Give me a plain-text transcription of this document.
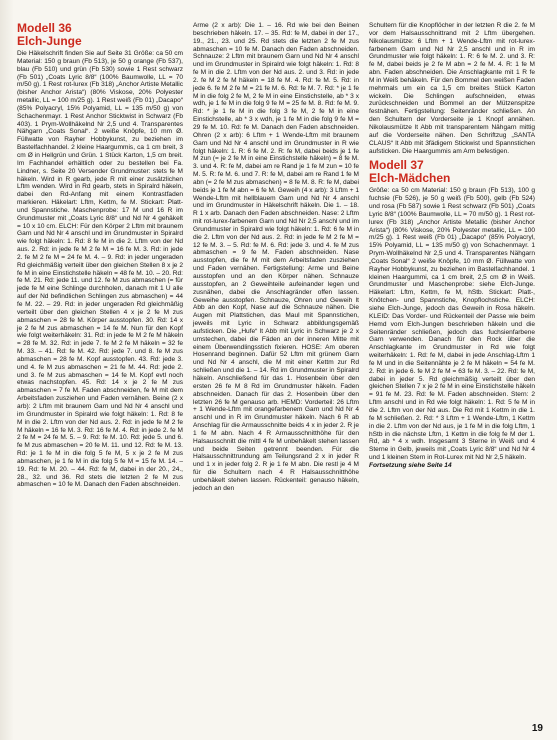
Modell 36
Elch-Junge

Die Häkelschrift finden Sie auf Seite 31 Größe: ca 50 cm Material: 150 g braun (Fb 513), je 50 g orange (Fb 537), blau (Fb 510) und grün (Fb 530) sowie 1 Rest schwarz (Fb 501) „Coats Lyric 8/8“ (100% Baumwolle, LL = 70 m/50 g). 1 Rest rot-lurex (Fb 318) „Anchor Artiste Metallic (bisher Anchor Arista“) (80% Viskose, 20% Polyester metallic, LL = 100 m/25 g). 1 Rest weiß (Fb 01) „Dacapo“ (85% Polyacryl, 15% Polyamid, LL = 135 m/50 g) von Schachenmayr. 1 Rest Anchor Sticktwist in Schwarz (Fb 403). 1 Prym-Wollhäkelnd Nr 2,5 und 4. Transparentes Nähgarn „Coats Sonal“. 2 weiße Knöpfe, 10 mm Ø. Füllwatte von Rayher Hobbykunst, zu beziehen im Bastelfachhandel. 2 kleine Haargummis, ca 1 cm breit, 3 cm Ø in Hellgrün und Grün. 1 Stück Karton, 1,5 cm breit. Im Fachhandel erhältlich oder zu bestellen bei Fa. Lindner, s. Seite 20 Versender Grundmuster: stets fe M häkeln. Wird in R gearb, jede R mit einer zusätzlichen Lftm wenden. Wird in Rd gearb, stets in Spiralrd häkeln, dabei den Rd-Anfang mit einem Kontrastfaden markieren. Häkelart: Lftm, Kettm, fe M. Stickart: Platt- und Spannstiche. Maschenprobe: 17 M und 16 R im Grundmuster mit „Coats Lyric 8/8“ und Nd Nr 4 gehäkelt = 10 x 10 cm. ELCH: Für den Körper 2 Lftm mit braunem Garn und Nd Nr 4 anschl und im Grundmuster in Spiralrd wie folgt häkeln: 1. Rd: 8 fe M in die 2. Lftm von der Nd aus. 2. Rd: in jede fe M 2 fe M = 16 fe M. 3. Rd: in jede 2. fe M 2 fe M = 24 fe M. 4. – 9. Rd: in jeder ungeraden Rd gleichmäßig verteilt über den gleichen Stellen 8 x je 2 fe M in eine Einstichstelle häkeln = 48 fe M. 10. – 20. Rd: fe M. 21. Rd: jede 11. und 12. fe M zus abmaschen (= für jede fe M eine Schlinge durchholen, danach mit 1 U alle auf der Nd befindlichen Schlingen zus abmaschen) = 44 fe M. 22. – 29. Rd: in jeder ungeraden Rd gleichmäßig verteilt über den gleichen Stellen 4 x je 2 fe M zus abmaschen = 28 fe M. Körper ausstopfen. 30. Rd: 14 x je 2 fe M zus abmaschen = 14 fe M. Nun für den Kopf wie folgt weiterhäkeln: 31. Rd: in jede fe M 2 fe M häkeln = 28 fe M. 32. Rd: in jede 7. fe M 2 fe M häkeln = 32 fe M. 33. – 41. Rd: fe M. 42. Rd: jede 7. und 8. fe M zus abmaschen = 28 fe M. Kopf ausstopfen. 43. Rd: jede 3. und 4. fe M zus abmaschen = 21 fe M. 44. Rd: jede 2. und 3. fe M zus abmaschen = 14 fe M. Kopf evtl noch etwas nachstopfen. 45. Rd: 14 x je 2 fe M zus abmaschen = 7 fe M. Faden abschneiden, fe M mit dem Arbeitsfaden zusziehen und Faden vernähen. Beine (2 x arb): 2 Lftm mit braunem Garn und Nd Nr 4 anschl und im Grundmuster in Spiralrd wie folgt häkeln: 1. Rd: 8 fe M in die 2. Lftm von der Nd aus. 2. Rd: in jede fe M 2 fe M häkeln = 16 fe M. 3. Rd: 16 fe M. 4. Rd: in jede 2. fe M 2 fe M = 24 fe M. 5. – 9. Rd: fe M. 10. Rd: jede 5. und 6. fe M zus abmaschen = 20 fe M. 11. und 12. Rd: fe M. 13. Rd: je 1 fe M in die folg 5 fe M, 5 x je 2 fe M zus abmaschen, je 1 fe M in die folg 5 fe M = 15 fe M. 14. – 19. Rd: fe M. 20. – 44. Rd: fe M, dabei in der 20., 24., 28., 32. und 36. Rd stets die letzten 2 fe M zus abmaschen = 10 fe M. Danach den Faden abschneiden.

Arme (2 x arb): Die 1. – 16. Rd wie bei den Beinen beschrieben häkeln. 17. – 35. Rd: fe M, dabei in der 17., 19., 21., 23. und 25. Rd stets die letzten 2 fe M zus abmaschen = 10 fe M. Danach den Faden abschneiden. Schnauze: 2 Lftm mit braunem Garn und Nd Nr 4 anschl und im Grundmuster in Spiralrd wie folgt häkeln: 1. Rd: 8 fe M in die 2. Lftm von der Nd aus. 2. und 3. Rd: in jede 2. fe M 2 fe M häkeln = 18 fe M. 4. Rd: fe M. 5. Rd: in jede 6. fe M 2 fe M = 21 fe M. 6. Rd: fe M. 7. Rd: * je 1 fe M in die folg 2 fe M, 2 fe M in eine Einstichstelle, ab * 3 x wdh, je 1 fe M in die folg 9 fe M = 25 fe M. 8. Rd: fe M. 9. Rd: * je 1 fe M in die folg 3 fe M, 2 fe M in eine Einstichstelle, ab * 3 x wdh, je 1 fe M in die folg 9 fe M = 29 fe M. 10. Rd: fe M. Danach den Faden abschneiden. Ohren (2 x arb): 6 Lftm + 1 Wende-Lftm mit braunem Garn und Nd Nr 4 anschl und im Grundmuster in R wie folgt häkeln: 1. R: 6 fe M. 2. R: fe M, dabei beids je 1 fe M zun (= je 2 fe M in eine Einstichstelle häkeln) = 8 fe M. 3. und 4. R: fe M, dabei am re Rand je 1 fe M zun = 10 fe M. 5. R: fe M. 6. und 7. R: fe M, dabei am re Rand 1 fe M abn (= 2 fe M zus abmaschen) = 8 fe M. 8. R: fe M, dabei beids je 1 fe M abn = 6 fe M. Geweih (4 x arb): 3 Lftm + 1 Wende-Lftm mit hellblauem Garn und Nd Nr 4 anschl und im Grundmuster in Häkelschrift häkeln. Die 1. – 18. R 1 x arb. Danach den Faden abschneiden. Nase: 2 Lftm mit rot-lurex-farbenem Garn und Nd Nr 2,5 anschl und im Grundmuster in Spiralrd wie folgt häkeln: 1. Rd: 6 fe M in die 2. Lftm von der Nd aus. 2. Rd: in jede fe M 2 fe M = 12 fe M. 3. – 5. Rd: fe M. 6. Rd: jede 3. und 4. fe M zus abmaschen = 9 fe M. Faden abschneiden. Nase ausstopfen, die fe M mit dem Arbeitsfaden zusziehen und Faden vernähen. Fertigstellung: Arme und Beine ausstopfen und an den Körper nähen. Schnauze ausstopfen, an 2 Geweihteile aufeinander legen und zusnähen, dabei die Anschlagränder offen lassen. Geweihe ausstopfen. Schnauze, Ohren und Geweih lt Abb an den Kopf, Nase auf die Schnauze nähen. Die Augen mit Plattstichen, das Maul mit Spannstichen, jeweils mit Lyric in Schwarz abbildungsgemäß aufsticken. Die „Hufe“ lt Abb mit Lyric in Schwarz je 2 x umstechen, dabei die Fäden an der inneren Mitte mit einem Überwendlingsstich fixieren. HOSE: Am oberen Hosenrand beginnen. Dafür 52 Lftm mit grünem Garn und Nd Nr 4 anschl, die M mit einer Kettm zur Rd schließen und die 1. – 14. Rd im Grundmuster in Spiralrd häkeln. Anschließend für das 1. Hosenbein über den ersten 26 fe M 8 Rd im Grundmuster häkeln. Faden abschneiden. Danach für das 2. Hosenbein über den letzten 26 fe M genauso arb. HEMD: Vorderteil: 26 Lftm + 1 Wende-Lftm mit orangefarbenem Garn und Nd Nr 4 anschl und in R im Grundmuster häkeln. Nach 6 R ab Anschlag für die Armausschnitte beids 4 x in jeder 2. R je 1 fe M abn. Nach 4 R Armausschnitthöhe für den Halsausschnitt die mittl 4 fe M unbehäkelt stehen lassen und beide Seiten getrennt beenden. Für die Halsausschnittrundung am Teilungsrand 2 x in jeder R und 1 x in jeder folg 2. R je 1 fe M abn. Die restl je 4 M für die Schultern nach 4 R Halsausschnitthöhe unbehäkelt stehen lassen. Rückenteil: genauso häkeln, jedoch an den

Schultern für die Knopflöcher in der letzten R die 2. fe M vor dem Halsausschnittrand mit 2 Lftm übergehen. Nikolausmütze: 6 Lftm + 1 Wende-Lftm mit rot-lurex-farbenem Garn und Nd Nr 2,5 anschl und in R im Grundmuster wie folgt häkeln: 1. R: 6 fe M. 2. und 3. R: fe M, dabei beids je 2 fe M abn = 2 fe M. 4. R: 1 fe M abn. Faden abschneiden. Die Anschlagkante mit 1 R fe M in Weiß behäkeln. Für den Bommel den weißen Faden mehrmals um ein ca 1,5 cm breites Stück Karton wickeln. Die Schlingen aufschneiden, etwas zurückschneiden und Bommel an der Mützenspitze festnähen. Fertigstellung: Seitenränder schließen. An den Schultern der Vorderseite je 1 Knopf annähen. Nikolausmütze lt Abb mit transparentem Nähgarn mittig auf die Vorderseite nähen. Den Schriftzug „SANTA CLAUS“ lt Abb mit 3fädigem Stickwist und Spannstichen aufsticken. Die Haargummis am Arm befestigen.

Modell 37
Elch-Mädchen

Größe: ca 50 cm Material: 150 g braun (Fb 513), 100 g fuchsie (Fb 526), je 50 g weiß (Fb 500), gelb (Fb 524) und rosa (Fb 587) sowie 1 Rest schwarz (Fb 501) „Coats Lyric 8/8“ (100% Baumwolle, LL = 70 m/50 g). 1 Rest rot-lurex (Fb 318) „Anchor Artiste Metallic (bisher Anchor Arista“) (80% Viskose, 20% Polyester metallic, LL = 100 m/25 g). 1 Rest weiß (Fb 01) „Dacapo“ (85% Polyacryl, 15% Polyamid, LL = 135 m/50 g) von Schachenmayr. 1 Prym-Wollhäkelnd Nr 2,5 und 4. Transparentes Nähgarn „Coats Sonal“ 2 weiße Knöpfe, 10 mm Ø. Füllwatte von Rayher Hobbykunst, zu beziehen im Bastelfachhandel. 1 kleinen Haargummi, ca 1 cm breit, 2,5 cm Ø in Weiß. Grundmuster und Maschenprobe: siehe Elch-Junge. Häkelart: Lftm, Kettm, fe M, hStb. Stickart: Platt-, Knötchen- und Spannstiche, Knopflochstiche. ELCH: siehe Elch-Junge, jedoch das Geweih in Rosa häkeln. KLEID: Das Vorder- und Rückenteil der Passe wie beim Hemd vom Elch-Jungen beschrieben häkeln und die Seitenränder schließen, jedoch das fuchsienfarbene Garn verwenden. Danach für den Rock über die Anschlagkante im Grundmuster in Rd wie folgt weiterhäkeln: 1. Rd: fe M, dabei in jede Anschlag-Lftm 1 fe M und in die Seitennähte je 2 fe M häkeln = 54 fe M. 2. Rd: in jede 6. fe M 2 fe M = 63 fe M. 3. – 22. Rd: fe M, dabei in jeder 5. Rd gleichmäßig verteilt über den gleichen Stellen 7 x je 2 fe M in eine Einstichstelle häkeln = 91 fe M. 23. Rd: fe M. Faden abschneiden. Stern: 2 Lftm anschl und in Rd wie folgt häkeln: 1. Rd: 5 fe M in die 2. Lftm von der Nd aus. Die Rd mit 1 Kettm in die 1. fe M schließen. 2. Rd: * 3 Lftm + 1 Wende-Lftm, 1 Kettm in die 2. Lftm von der Nd aus, je 1 fe M in die folg Lftm, 1 hStb in die nächste Lftm, 1 Kettm in die folg fe M der 1. Rd, ab * 4 x wdh. Insgesamt 3 Sterne in Weiß und 4 Sterne in Gelb, jeweils mit „Coats Lyric 8/8“ und Nd Nr 4 und 1 kleinen Stern in Rot-Lurex mit Nd Nr 2,5 häkeln.

Fortsetzung siehe Seite 14

19
